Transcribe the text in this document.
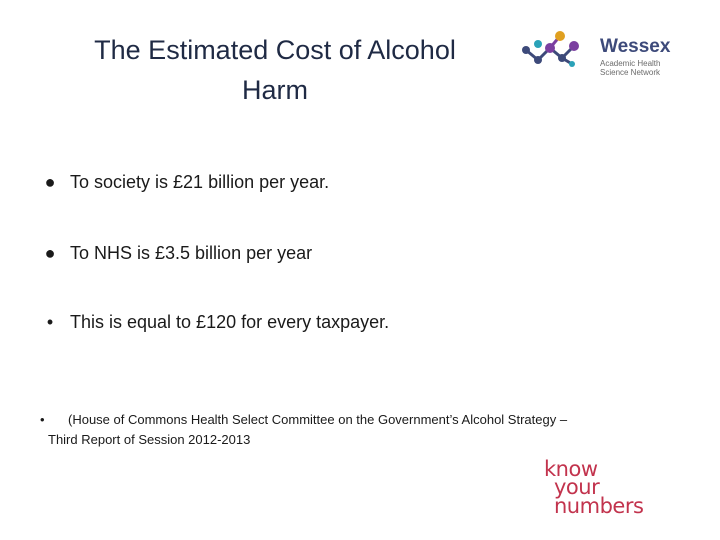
The Estimated Cost of Alcohol
Harm
Wessex
Academic Health
Science Network
● To society is £21 billion per year.
● To NHS is £3.5 billion per year
• This is equal to £120 for every taxpayer.
• (House of Commons Health Select Committee on the Government’s Alcohol Strategy –
Third Report of Session 2012-2013
know
your
numbers
